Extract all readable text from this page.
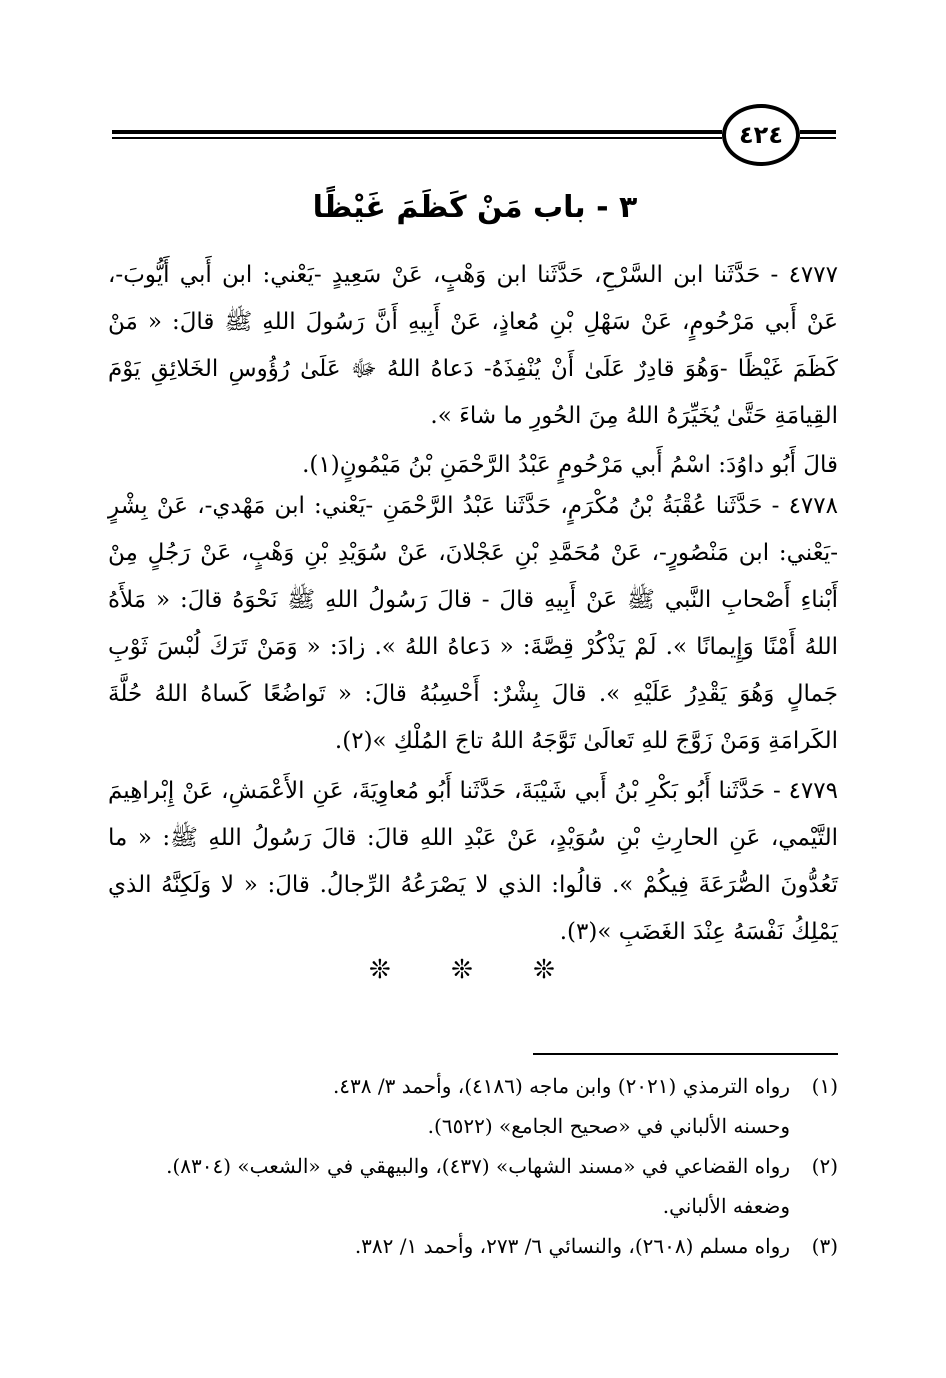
٤٢٤
٣ - باب مَنْ كَظَمَ غَيْظًا

٤٧٧٧ - حَدَّثَنا ابن السَّرْحِ، حَدَّثَنا ابن وَهْبٍ، عَنْ سَعِيدٍ -يَعْني: ابن أَبي أَيُّوبَ-، عَنْ أَبي مَرْحُومٍ، عَنْ سَهْلِ بْنِ مُعاذٍ، عَنْ أَبِيهِ أَنَّ رَسُولَ اللهِ ﷺ قالَ: « مَنْ كَظَمَ غَيْظًا -وَهُوَ قادِرٌ عَلَىٰ أَنْ يُنْفِذَهُ- دَعاهُ اللهُ ﷻ عَلَىٰ رُؤُوسِ الخَلائِقِ يَوْمَ القِيامَةِ حَتَّىٰ يُخَيِّرَهُ اللهُ مِنَ الحُورِ ما شاءَ ».

قالَ أَبُو داوُدَ: اسْمُ أَبي مَرْحُومٍ عَبْدُ الرَّحْمَنِ بْنُ مَيْمُونٍ(١).

٤٧٧٨ - حَدَّثَنا عُقْبَةُ بْنُ مُكْرَمٍ، حَدَّثَنا عَبْدُ الرَّحْمَنِ -يَعْني: ابن مَهْدي-، عَنْ بِشْرٍ -يَعْني: ابن مَنْصُورٍ-، عَنْ مُحَمَّدِ بْنِ عَجْلانَ، عَنْ سُوَيْدِ بْنِ وَهْبٍ، عَنْ رَجُلٍ مِنْ أَبْناءِ أَصْحابِ النَّبي ﷺ عَنْ أَبِيهِ قالَ - قالَ رَسُولُ اللهِ ﷺ نَحْوَهُ قالَ: « مَلأَهُ اللهُ أَمْنًا وَإِيمانًا ». لَمْ يَذْكُرْ قِصَّةَ: « دَعاهُ اللهُ ». زادَ: « وَمَنْ تَرَكَ لُبْسَ ثَوْبِ جَمالٍ وَهُوَ يَقْدِرُ عَلَيْهِ ». قالَ بِشْرٌ: أَحْسِبُهُ قالَ: « تَواضُعًا كَساهُ اللهُ حُلَّةَ الكَرامَةِ وَمَنْ زَوَّجَ للهِ تَعالَىٰ تَوَّجَهُ اللهُ تاجَ المُلْكِ »(٢).

٤٧٧٩ - حَدَّثَنا أَبُو بَكْرِ بْنُ أَبي شَيْبَةَ، حَدَّثَنا أَبُو مُعاوِيَةَ، عَنِ الأَعْمَشِ، عَنْ إِبْراهِيمَ التَّيْمي، عَنِ الحارِثِ بْنِ سُوَيْدٍ، عَنْ عَبْدِ اللهِ قالَ: قالَ رَسُولُ اللهِ ﷺ: « ما تَعُدُّونَ الصُّرَعَةَ فِيكُمْ ». قالُوا: الذي لا يَصْرَعُهُ الرِّجالُ. قالَ: « لا وَلَكِنَّهُ الذي يَمْلِكُ نَفْسَهُ عِنْدَ الغَضَبِ »(٣).

❊ ❊ ❊
(١)
رواه الترمذي (٢٠٢١) وابن ماجه (٤١٨٦)، وأحمد ٣/ ٤٣٨.
وحسنه الألباني في «صحيح الجامع» (٦٥٢٢).
(٢)
رواه القضاعي في «مسند الشهاب» (٤٣٧)، والبيهقي في «الشعب» (٨٣٠٤).
وضعفه الألباني.
(٣)
رواه مسلم (٢٦٠٨)، والنسائي ٦/ ٢٧٣، وأحمد ١/ ٣٨٢.
